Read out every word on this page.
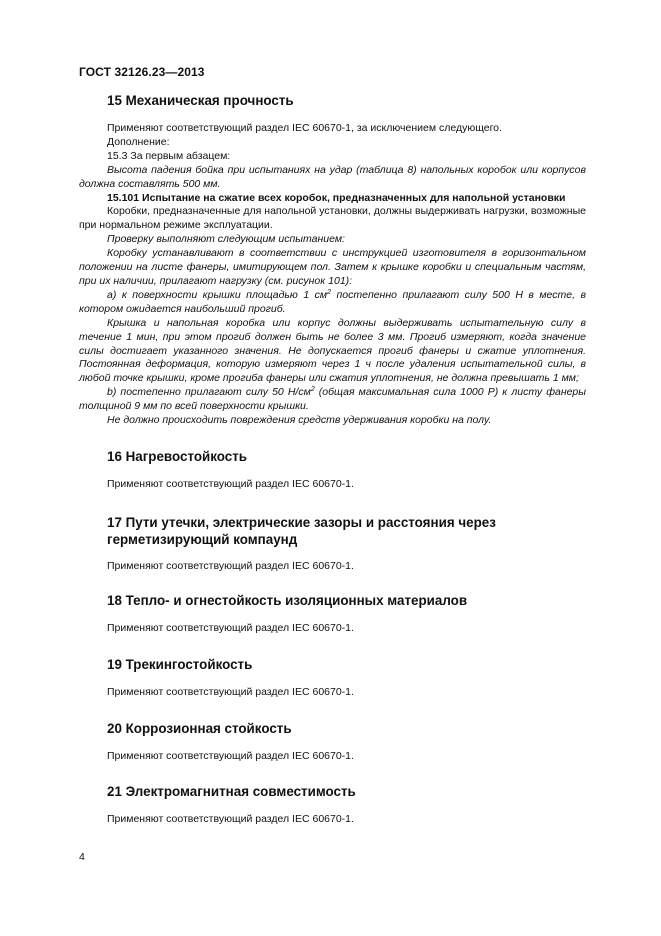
ГОСТ 32126.23—2013
15 Механическая прочность

Применяют соответствующий раздел IEC 60670-1, за исключением следующего.

Дополнение:

15.3 За первым абзацем:

Высота падения бойка при испытаниях на удар (таблица 8) напольных коробок или корпусов должна составлять 500 мм.

15.101 Испытание на сжатие всех коробок, предназначенных для напольной установки

Коробки, предназначенные для напольной установки, должны выдерживать нагрузки, возможные при нормальном режиме эксплуатации.

Проверку выполняют следующим испытанием:

Коробку устанавливают в соответствии с инструкцией изготовителя в горизонтальном положении на листе фанеры, имитирующем пол. Затем к крышке коробки и специальным частям, при их наличии, прилагают нагрузку (см. рисунок 101):

a) к поверхности крышки площадью 1 $см^2$ постепенно прилагают силу 500 Н в месте, в котором ожидается наибольший прогиб.

Крышка и напольная коробка или корпус должны выдерживать испытательную силу в течение 1 мин, при этом прогиб должен быть не более 3 мм. Прогиб измеряют, когда значение силы достигает указанного значения. Не допускается прогиб фанеры и сжатие уплотнения. Постоянная деформация, которую измеряют через 1 ч после удаления испытательной силы, в любой точке крышки, кроме прогиба фанеры или сжатия уплотнения, не должна превышать 1 мм;

b) постепенно прилагают силу 50 $Н/см^2$ (общая максимальная сила 1000 Р) к листу фанеры толщиной 9 мм по всей поверхности крышки.

Не должно происходить повреждения средств удерживания коробки на полу.

16 Нагревостойкость

Применяют соответствующий раздел IEC 60670-1.

17 Пути утечки, электрические зазоры и расстояния через герметизирующий компаунд

Применяют соответствующий раздел IEC 60670-1.

18 Тепло- и огнестойкость изоляционных материалов

Применяют соответствующий раздел IEC 60670-1.

19 Трекингостойкость

Применяют соответствующий раздел IEC 60670-1.

20 Коррозионная стойкость

Применяют соответствующий раздел IEC 60670-1.

21 Электромагнитная совместимость

Применяют соответствующий раздел IEC 60670-1.

4
